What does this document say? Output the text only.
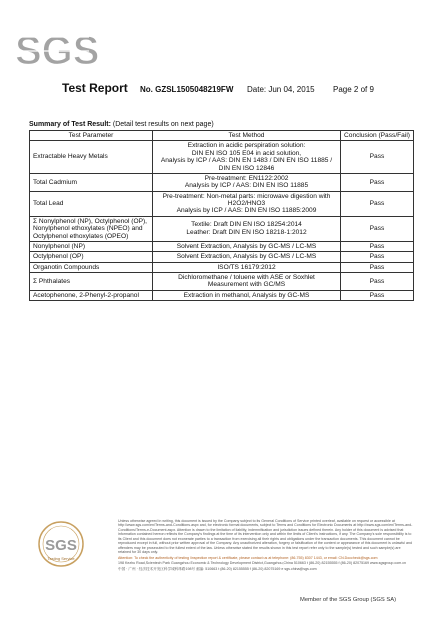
SGS
Test Report No. GZSL1505048219FW Date: Jun 04, 2015 Page 2 of 9
Summary of Test Result: (Detail test results on next page)
Test Parameter	Test Method	Conclusion (Pass/Fail)
Extractable Heavy Metals	Extraction in acidic perspiration solution:
DIN EN ISO 105 E04 in acid solution,
Analysis by ICP / AAS: DIN EN 1483 / DIN EN ISO 11885 / DIN EN ISO 12846	Pass
Total Cadmium	Pre-treatment: EN1122:2002
Analysis by ICP / AAS: DIN EN ISO 11885	Pass
Total Lead	Pre-treatment: Non-metal parts: microwave digestion with H2O2/HNO3
Analysis by ICP / AAS: DIN EN ISO 11885:2009	Pass
Σ Nonylphenol (NP), Octylphenol (OP), Nonylphenol ethoxylates (NPEO) and Octylphenol ethoxylates (OPEO)	Textile: Draft DIN EN ISO 18254:2014
Leather: Draft DIN EN ISO 18218-1:2012	Pass
Nonylphenol (NP)	Solvent Extraction, Analysis by GC-MS / LC-MS	Pass
Octylphenol (OP)	Solvent Extraction, Analysis by GC-MS / LC-MS	Pass
Organotin Compounds	ISO/TS 16179:2012	Pass
Σ Phthalates	Dichloromethane / toluene with ASE or Soxhlet
Measurement with GC/MS	Pass
Acetophenone, 2-Phenyl-2-propanol	Extraction in methanol, Analysis by GC-MS	Pass
SGS
Testing Service

Unless otherwise agreed in writing, this document is issued by the Company subject to its General Conditions of Service printed overleaf, available on request or accessible at http://www.sgs.com/en/Terms-and-Conditions.aspx and, for electronic format documents, subject to Terms and Conditions for Electronic Documents at http://www.sgs.com/en/Terms-and-Conditions/Terms-e-Document.aspx. Attention is drawn to the limitation of liability, indemnification and jurisdiction issues defined therein. Any holder of this document is advised that information contained hereon reflects the Company's findings at the time of its intervention only and within the limits of Client's instructions, if any. The Company's sole responsibility is to its Client and this document does not exonerate parties to a transaction from exercising all their rights and obligations under the transaction documents. This document cannot be reproduced except in full, without prior written approval of the Company. Any unauthorized alteration, forgery or falsification of the content or appearance of this document is unlawful and offenders may be prosecuted to the fullest extent of the law. Unless otherwise stated the results shown in this test report refer only to the sample(s) tested and such sample(s) are retained for 30 days only.

Attention: To check the authenticity of testing /inspection report & certificate, please contact us at telephone: (86-755) 8307 1443, or email: CN.Doccheck@sgs.com

198 Kezhu Road,Scientech Park Guangzhou Economic & Technology Development District,Guangzhou,China 510663 t (86-20) 82155555 f (86-20) 82075169 www.sgsgroup.com.cn

中国 · 广州 · 经济技术开发区科学城科珠路198号 邮编: 510663 t (86-20) 82155555 f (86-20) 82075169 e sgs.china@sgs.com

Member of the SGS Group (SGS SA)
